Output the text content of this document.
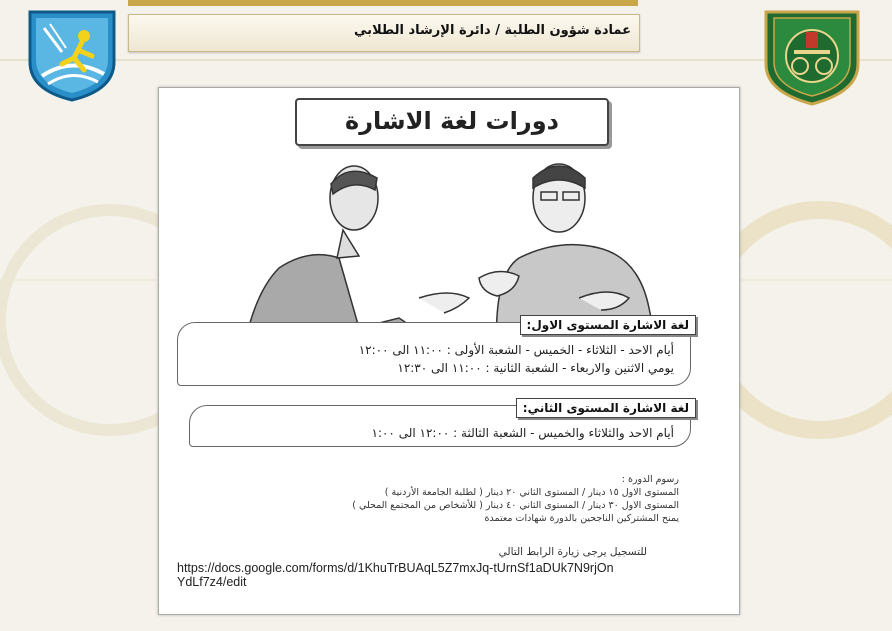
عمادة شؤون الطلبة / دائرة الإرشاد الطلابي
دورات لغة الاشارة
لغة الاشارة المستوى الاول:
أيام الاحد - الثلاثاء - الخميس - الشعبة الأولى : ١١:٠٠ الى ١٢:٠٠
يومي الاثنين والاربعاء - الشعبة الثانية : ١١:٠٠ الى ١٢:٣٠
لغة الاشارة المستوى الثاني:
أيام الاحد والثلاثاء والخميس - الشعبة الثالثة : ١٢:٠٠ الى ١:٠٠
رسوم الدورة :
المستوى الاول ١٥ دينار / المستوى الثاني ٢٠ دينار ( لطلبة الجامعة الأردنية )
المستوى الاول ٣٠ دينار / المستوى الثاني ٤٠ دينار ( للأشخاص من المجتمع المحلي )
يمنح المشتركين الناجحين بالدورة شهادات معتمدة
للتسجيل يرجى زيارة الرابط التالي
https://docs.google.com/forms/d/1KhuTrBUAqL5Z7mxJq-tUrnSf1aDUk7N9rjOnYdLf7z4/edit
